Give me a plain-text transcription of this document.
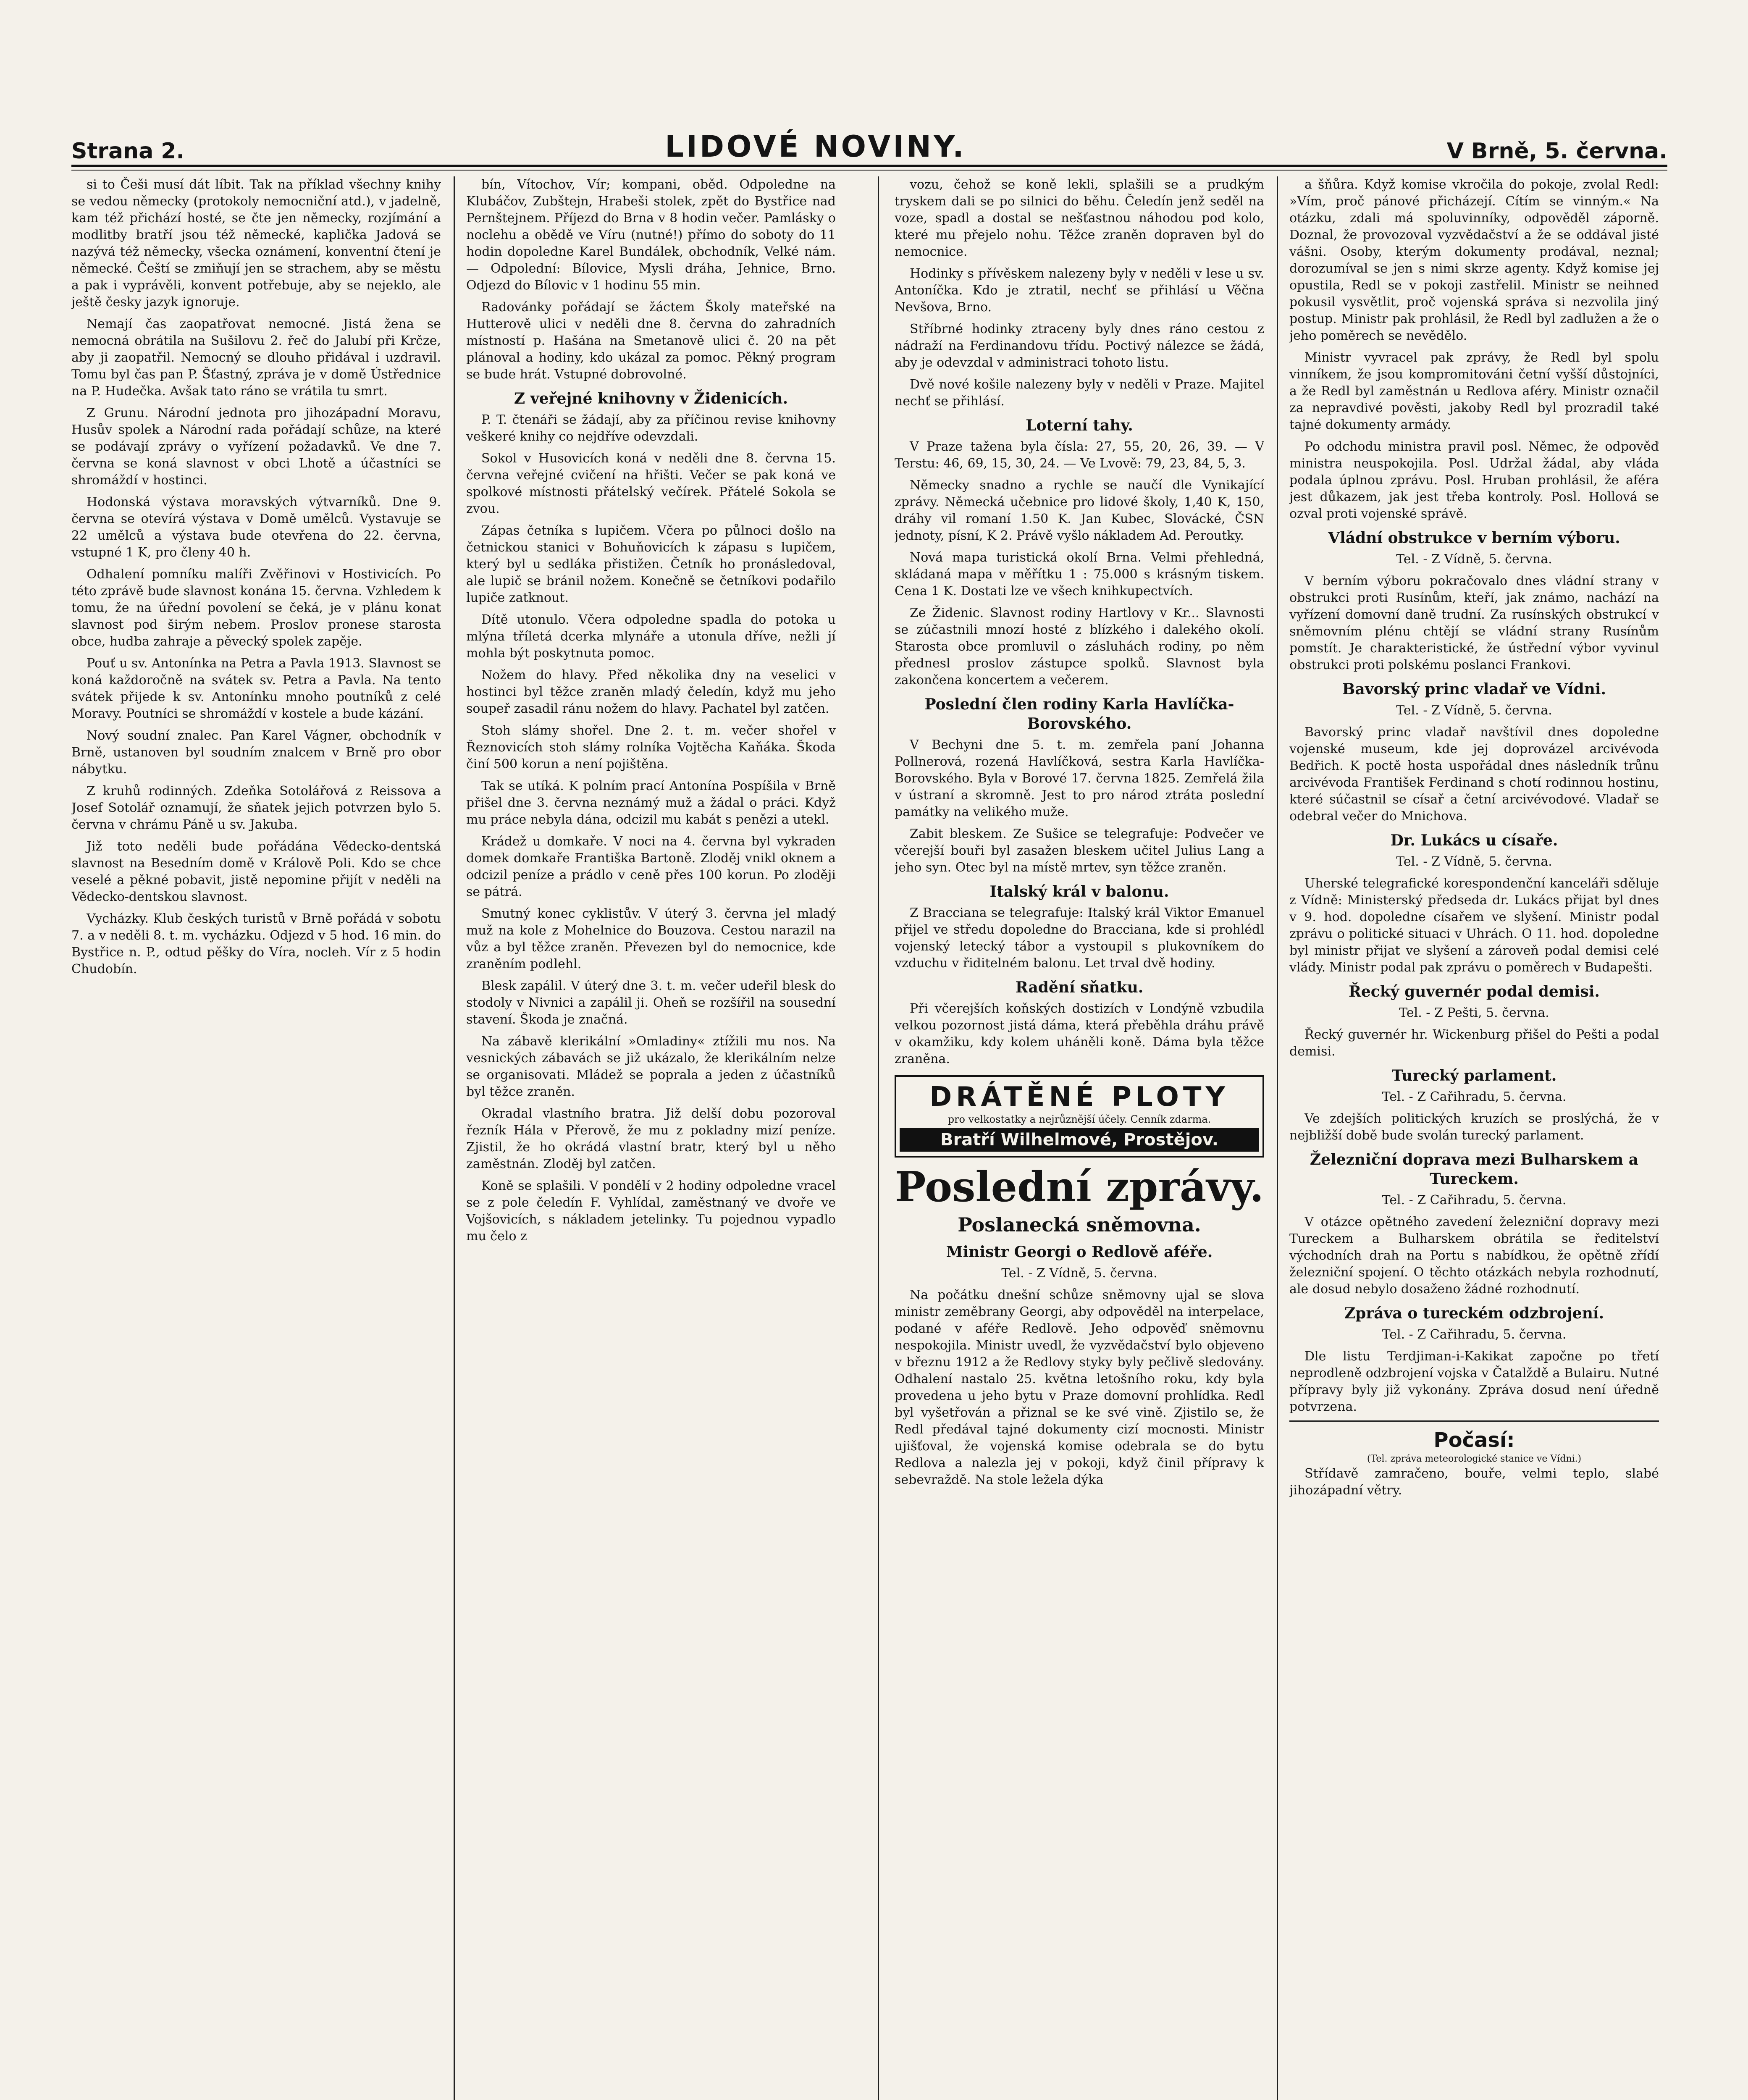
Strana 2.	LIDOVÉ NOVINY.	V Brně, 5. června.

si to Češi musí dát líbit. Tak na příklad všechny knihy se vedou německy (protokoly nemocniční atd.), v jadelně, kam též přichází hosté, se čte jen německy, rozjímání a modlitby bratří jsou též německé, kaplička Jadová se nazývá též německy, všecka oznámení, konventní čtení je německé. Čeští se zmiňují jen se strachem, aby se městu a pak i vyprávěli, konvent potřebuje, aby se nejeklo, ale ještě česky jazyk ignoruje.

Nemají čas zaopatřovat nemocné. Jistá žena se nemocná obrátila na Sušilovu 2. řeč do Jalubí při Krčze, aby ji zaopatřil. Nemocný se dlouho přidával i uzdravil. Tomu byl čas pan P. Šťastný, zpráva je v domě Ústřednice na P. Hudečka. Avšak tato ráno se vrátila tu smrt.

Z Grunu. Národní jednota pro jihozápadní Moravu, Husův spolek a Národní rada pořádají schůze, na které se podávají zprávy o vyřízení požadavků. Ve dne 7. června se koná slavnost v obci Lhotě a účastníci se shromáždí v hostinci.

Hodonská výstava moravských výtvarníků. Dne 9. června se otevírá výstava v Domě umělců. Vystavuje se 22 umělců a výstava bude otevřena do 22. června, vstupné 1 K, pro členy 40 h.

Odhalení pomníku malíři Zvěřinovi v Hostivicích. Po této zprávě bude slavnost konána 15. června. Vzhledem k tomu, že na úřední povolení se čeká, je v plánu konat slavnost pod širým nebem. Proslov pronese starosta obce, hudba zahraje a pěvecký spolek zapěje.

Pouť u sv. Antonínka na Petra a Pavla 1913. Slavnost se koná každoročně na svátek sv. Petra a Pavla. Na tento svátek přijede k sv. Antonínku mnoho poutníků z celé Moravy. Poutníci se shromáždí v kostele a bude kázání.

Nový soudní znalec. Pan Karel Vágner, obchodník v Brně, ustanoven byl soudním znalcem v Brně pro obor nábytku.

Z kruhů rodinných. Zdeňka Sotolářová z Reissova a Josef Sotolář oznamují, že sňatek jejich potvrzen bylo 5. června v chrámu Páně u sv. Jakuba.

Již toto neděli bude pořádána Vědecko-dentská slavnost na Besedním domě v Králově Poli. Kdo se chce veselé a pěkné pobavit, jistě nepomine přijít v neděli na Vědecko-dentskou slavnost.

Vycházky. Klub českých turistů v Brně pořádá v sobotu 7. a v neděli 8. t. m. vycházku. Odjezd v 5 hod. 16 min. do Bystřice n. P., odtud pěšky do Víra, nocleh. Vír z 5 hodin Chudobín.

bín, Vítochov, Vír; kompani, oběd. Odpoledne na Klubáčov, Zubštejn, Hrabeši stolek, zpět do Bystřice nad Pernštejnem. Příjezd do Brna v 8 hodin večer. Pamlásky o noclehu a obědě ve Víru (nutné!) přímo do soboty do 11 hodin dopoledne Karel Bundálek, obchodník, Velké nám. — Odpolední: Bílovice, Mysli dráha, Jehnice, Brno. Odjezd do Bílovic v 1 hodinu 55 min.

Radovánky pořádají se žáctem Školy mateřské na Hutterově ulici v neděli dne 8. června do zahradních místností p. Hašána na Smetanově ulici č. 20 na pět plánoval a hodiny, kdo ukázal za pomoc. Pěkný program se bude hrát. Vstupné dobrovolné.

Z veřejné knihovny v Židenicích.

P. T. čtenáři se žádají, aby za příčinou revise knihovny veškeré knihy co nejdříve odevzdali.

Sokol v Husovicích koná v neděli dne 8. června 15. června veřejné cvičení na hřišti. Večer se pak koná ve spolkové místnosti přátelský večírek. Přátelé Sokola se zvou.

Zápas četníka s lupičem. Včera po půlnoci došlo na četnickou stanici v Bohuňovicích k zápasu s lupičem, který byl u sedláka přistižen. Četník ho pronásledoval, ale lupič se bránil nožem. Konečně se četníkovi podařilo lupiče zatknout.

Dítě utonulo. Včera odpoledne spadla do potoka u mlýna tříletá dcerka mlynáře a utonula dříve, nežli jí mohla být poskytnuta pomoc.

Nožem do hlavy. Před několika dny na veselici v hostinci byl těžce zraněn mladý čeledín, když mu jeho soupeř zasadil ránu nožem do hlavy. Pachatel byl zatčen.

Stoh slámy shořel. Dne 2. t. m. večer shořel v Řeznovicích stoh slámy rolníka Vojtěcha Kaňáka. Škoda činí 500 korun a není pojištěna.

Tak se utíká. K polním prací Antonína Pospíšila v Brně přišel dne 3. června neznámý muž a žádal o práci. Když mu práce nebyla dána, odcizil mu kabát s penězi a utekl.

Krádež u domkaře. V noci na 4. června byl vykraden domek domkaře Františka Bartoně. Zloděj vnikl oknem a odcizil peníze a prádlo v ceně přes 100 korun. Po zloději se pátrá.

Smutný konec cyklistův. V úterý 3. června jel mladý muž na kole z Mohelnice do Bouzova. Cestou narazil na vůz a byl těžce zraněn. Převezen byl do nemocnice, kde zraněním podlehl.

Blesk zapálil. V úterý dne 3. t. m. večer udeřil blesk do stodoly v Nivnici a zapálil ji. Oheň se rozšířil na sousední stavení. Škoda je značná.

Na zábavě klerikální »Omladiny« ztížili mu nos. Na vesnických zábavách se již ukázalo, že klerikálním nelze se organisovati. Mládež se poprala a jeden z účastníků byl těžce zraněn.

Okradal vlastního bratra. Již delší dobu pozoroval řezník Hála v Přerově, že mu z pokladny mizí peníze. Zjistil, že ho okrádá vlastní bratr, který byl u něho zaměstnán. Zloděj byl zatčen.

Koně se splašili. V pondělí v 2 hodiny odpoledne vracel se z pole čeledín F. Vyhlídal, zaměstnaný ve dvoře ve Vojšovicích, s nákladem jetelinky. Tu pojednou vypadlo mu čelo z

vozu, čehož se koně lekli, splašili se a prudkým tryskem dali se po silnici do běhu. Čeledín jenž seděl na voze, spadl a dostal se nešťastnou náhodou pod kolo, které mu přejelo nohu. Těžce zraněn dopraven byl do nemocnice.

Hodinky s přívěskem nalezeny byly v neděli v lese u sv. Antoníčka. Kdo je ztratil, nechť se přihlásí u Věčna Nevšova, Brno.

Stříbrné hodinky ztraceny byly dnes ráno cestou z nádraží na Ferdinandovu třídu. Poctivý nálezce se žádá, aby je odevzdal v administraci tohoto listu.

Dvě nové košile nalezeny byly v neděli v Praze. Majitel nechť se přihlásí.

Loterní tahy.

V Praze tažena byla čísla: 27, 55, 20, 26, 39. — V Terstu: 46, 69, 15, 30, 24. — Ve Lvově: 79, 23, 84, 5, 3.

Německy snadno a rychle se naučí dle Vynikající zprávy. Německá učebnice pro lidové školy, 1,40 K, 150, dráhy vil romaní 1.50 K. Jan Kubec, Slovácké, ČSN jednoty, písní, K 2. Právě vyšlo nákladem Ad. Peroutky.

Nová mapa turistická okolí Brna. Velmi přehledná, skládaná mapa v měřítku 1 : 75.000 s krásným tiskem. Cena 1 K. Dostati lze ve všech knihkupectvích.

Ze Židenic. Slavnost rodiny Hartlovy v Kr... Slavnosti se zúčastnili mnozí hosté z blízkého i dalekého okolí. Starosta obce promluvil o zásluhách rodiny, po něm přednesl proslov zástupce spolků. Slavnost byla zakončena koncertem a večerem.

Poslední člen rodiny Karla Havlíčka-Borovského.

V Bechyni dne 5. t. m. zemřela paní Johanna Pollnerová, rozená Havlíčková, sestra Karla Havlíčka-Borovského. Byla v Borové 17. června 1825. Zemřelá žila v ústraní a skromně. Jest to pro národ ztráta poslední památky na velikého muže.

Zabit bleskem. Ze Sušice se telegrafuje: Podvečer ve včerejší bouři byl zasažen bleskem učitel Julius Lang a jeho syn. Otec byl na místě mrtev, syn těžce zraněn.

Italský král v balonu.

Z Bracciana se telegrafuje: Italský král Viktor Emanuel přijel ve středu dopoledne do Bracciana, kde si prohlédl vojenský letecký tábor a vystoupil s plukovníkem do vzduchu v řiditelném balonu. Let trval dvě hodiny.

Radění sňatku.

Při včerejších koňských dostizích v Londýně vzbudila velkou pozornost jistá dáma, která přeběhla dráhu právě v okamžiku, kdy kolem uháněli koně. Dáma byla těžce zraněna.

DRÁTĚNÉ PLOTY
pro velkostatky a nejrůznější účely. Cenník zdarma.
Bratří Wilhelmové, Prostějov.
Poslední zprávy.
Poslanecká sněmovna.
Ministr Georgi o Redlově aféře.

Tel. - Z Vídně, 5. června.

Na počátku dnešní schůze sněmovny ujal se slova ministr zeměbrany Georgi, aby odpověděl na interpelace, podané v aféře Redlově. Jeho odpověď sněmovnu nespokojila. Ministr uvedl, že vyzvědačství bylo objeveno v březnu 1912 a že Redlovy styky byly pečlivě sledovány. Odhalení nastalo 25. května letošního roku, kdy byla provedena u jeho bytu v Praze domovní prohlídka. Redl byl vyšetřován a přiznal se ke své vině. Zjistilo se, že Redl předával tajné dokumenty cizí mocnosti. Ministr ujišťoval, že vojenská komise odebrala se do bytu Redlova a nalezla jej v pokoji, když činil přípravy k sebevraždě. Na stole ležela dýka

a šňůra. Když komise vkročila do pokoje, zvolal Redl: »Vím, proč pánové přicházejí. Cítím se vinným.« Na otázku, zdali má spoluvinníky, odpověděl záporně. Doznal, že provozoval vyzvědačství a že se oddával jisté vášni. Osoby, kterým dokumenty prodával, neznal; dorozumíval se jen s nimi skrze agenty. Když komise jej opustila, Redl se v pokoji zastřelil. Ministr se neihned pokusil vysvětlit, proč vojenská správa si nezvolila jiný postup. Ministr pak prohlásil, že Redl byl zadlužen a že o jeho poměrech se nevědělo.

Ministr vyvracel pak zprávy, že Redl byl spolu vinníkem, že jsou kompromitováni četní vyšší důstojníci, a že Redl byl zaměstnán u Redlova aféry. Ministr označil za nepravdivé pověsti, jakoby Redl byl prozradil také tajné dokumenty armády.

Po odchodu ministra pravil posl. Němec, že odpověď ministra neuspokojila. Posl. Udržal žádal, aby vláda podala úplnou zprávu. Posl. Hruban prohlásil, že aféra jest důkazem, jak jest třeba kontroly. Posl. Hollová se ozval proti vojenské správě.

Vládní obstrukce v berním výboru.

Tel. - Z Vídně, 5. června.

V berním výboru pokračovalo dnes vládní strany v obstrukci proti Rusínům, kteří, jak známo, nachází na vyřízení domovní daně trudní. Za rusínských obstrukcí v sněmovním plénu chtějí se vládní strany Rusínům pomstít. Je charakteristické, že ústřední výbor vyvinul obstrukci proti polskému poslanci Frankovi.

Bavorský princ vladař ve Vídni.

Tel. - Z Vídně, 5. června.

Bavorský princ vladař navštívil dnes dopoledne vojenské museum, kde jej doprovázel arcivévoda Bedřich. K poctě hosta uspořádal dnes následník trůnu arcivévoda František Ferdinand s chotí rodinnou hostinu, které súčastnil se císař a četní arcivévodové. Vladař se odebral večer do Mnichova.

Dr. Lukács u císaře.

Tel. - Z Vídně, 5. června.

Uherské telegrafické korespondenční kanceláři sděluje z Vídně: Ministerský předseda dr. Lukács přijat byl dnes v 9. hod. dopoledne císařem ve slyšení. Ministr podal zprávu o politické situaci v Uhrách. O 11. hod. dopoledne byl ministr přijat ve slyšení a zároveň podal demisi celé vlády. Ministr podal pak zprávu o poměrech v Budapešti.

Řecký guvernér podal demisi.

Tel. - Z Pešti, 5. června.

Řecký guvernér hr. Wickenburg přišel do Pešti a podal demisi.

Turecký parlament.

Tel. - Z Cařihradu, 5. června.

Ve zdejších politických kruzích se proslýchá, že v nejbližší době bude svolán turecký parlament.

Železniční doprava mezi Bulharskem a Tureckem.

Tel. - Z Cařihradu, 5. června.

V otázce opětného zavedení železniční dopravy mezi Tureckem a Bulharskem obrátila se ředitelství východních drah na Portu s nabídkou, že opětně zřídí železniční spojení. O těchto otázkách nebyla rozhodnutí, ale dosud nebylo dosaženo žádné rozhodnutí.

Zpráva o tureckém odzbrojení.

Tel. - Z Cařihradu, 5. června.

Dle listu Terdjiman-i-Kakikat započne po třetí neprodleně odzbrojení vojska v Čatalždě a Bulairu. Nutné přípravy byly již vykonány. Zpráva dosud není úředně potvrzena.

Počasí:
(Tel. zpráva meteorologické stanice ve Vídni.)

Střídavě zamračeno, bouře, velmi teplo, slabé jihozápadní větry.
